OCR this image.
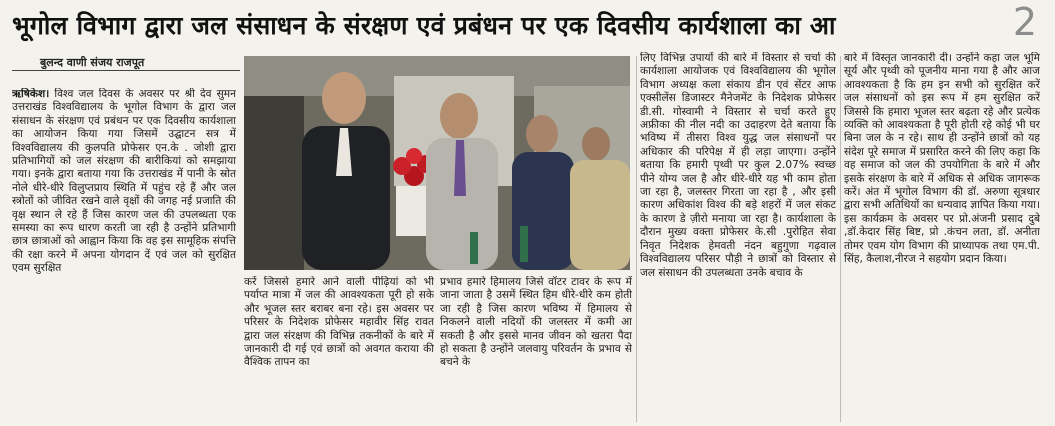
भूगोल विभाग द्वारा जल संसाधन के संरक्षण एवं प्रबंधन पर एक दिवसीय कार्यशाला का आ	2
बुलन्द वाणी संजय राजपूत

ऋषिकेश। विश्व जल दिवस के अवसर पर श्री देव सुमन उत्तराखंड विश्वविद्यालय के भूगोल विभाग के द्वारा जल संसाधन के संरक्षण एवं प्रबंधन पर एक दिवसीय कार्यशाला का आयोजन किया गया जिसमें उद्घाटन सत्र में विश्वविद्यालय की कुलपति प्रोफेसर एन.के . जोशी द्वारा प्रतिभागियों को जल संरक्षण की बारीकियां को समझाया गया। इनके द्वारा बताया गया कि उत्तराखंड में पानी के स्रोत नोले धीरे-धीरे विलुप्तप्राय स्थिति में पहुंच रहे हैं और जल स्त्रोतों को जीवित रखने वाले वृक्षों की जगह नई प्रजाति की वृक्ष स्थान ले रहे हैं जिस कारण जल की उपलब्धता एक समस्या का रूप धारण करती जा रही है उन्होंने प्रतिभागी छात्र छात्राओं को आह्वान किया कि वह इस सामूहिक संपत्ति की रक्षा करने में अपना योगदान दें एवं जल को सुरक्षित एवम सुरक्षित

करें जिससे हमारे आने वाली पीढ़ियां को भी पर्याप्त मात्रा में जल की आवश्यकता पूरी हो सके और भूजल स्तर बराबर बना रहे। इस अवसर पर परिसर के निदेशक प्रोफेसर महावीर सिंह रावत द्वारा जल संरक्षण की विभिन्न तकनीकों के बारे में जानकारी दी गई एवं छात्रों को अवगत कराया की वैश्विक तापन का

प्रभाव हमारे हिमालय जिसे वॉटर टावर के रूप में जाना जाता है उसमें स्थित हिम धीरे-धीरे कम होती जा रही है जिस कारण भविष्य में हिमालय से निकलने वाली नदियों की जलस्तर में कमी आ सकती है और इससे मानव जीवन को खतरा पैदा हो सकता है उन्होंने जलवायु परिवर्तन के प्रभाव से बचने के

लिए विभिन्न उपायों की बारे में विस्तार से चर्चा की कार्यशाला आयोजक एवं विश्वविद्यालय की भूगोल विभाग अध्यक्ष कला संकाय डीन एवं सेंटर आफ एक्सीलेंस डिजास्टर मैनेजमेंट के निदेशक प्रोफेसर डी.सी. गोस्वामी ने विस्तार से चर्चा करते हुए अफ्रीका की नील नदी का उदाहरण देते बताया कि भविष्य में तीसरा विश्व युद्ध जल संसाधनों पर अधिकार की परिपेक्ष में ही लड़ा जाएगा। उन्होंने बताया कि हमारी पृथ्वी पर कुल 2.07% स्वच्छ पीने योग्य जल है और धीरे-धीरे यह भी काम होता जा रहा है, जलस्तर गिरता जा रहा है , और इसी कारण अधिकांश विश्व की बड़े शहरों में जल संकट के कारण डे ज़ीरो मनाया जा रहा है। कार्यशाला के दौरान मुख्य वक्ता प्रोफेसर के.सी .पुरोहित सेवा निवृत निदेशक हेमवती नंदन बहुगुणा गढ़वाल विश्वविद्यालय परिसर पौड़ी ने छात्रों को विस्तार से जल संसाधन की उपलब्धता उनके बचाव के

बारे में विस्तृत जानकारी दी। उन्होंने कहा जल भूमि सूर्य और पृथ्वी को पूजनीय माना गया है और आज आवश्यकता है कि हम इन सभी को सुरक्षित करें जल संसाधनों को इस रूप में हम सुरक्षित करें जिससे कि हमारा भूजल स्तर बढ़ता रहे और प्रत्येक व्यक्ति को आवश्यकता है पूरी होती रहे कोई भी घर बिना जल के न रहे। साथ ही उन्होंने छात्रों को यह संदेश पूरे समाज में प्रसारित करने की लिए कहा कि वह समाज को जल की उपयोगिता के बारे में और इसके संरक्षण के बारे में अधिक से अधिक जागरूक करें। अंत में भूगोल विभाग की डॉ. अरुणा सूत्रधार द्वारा सभी अतिथियों का धन्यवाद ज्ञापित किया गया। इस कार्यक्रम के अवसर पर प्रो.अंजनी प्रसाद दुबे ,डॉ.केदार सिंह बिष्ट, प्रो .कंचन लता, डॉ. अनीता तोमर एवम योग विभाग की प्राध्यापक तथा एम.पी. सिंह, कैलाश,नीरज ने सहयोग प्रदान किया।
